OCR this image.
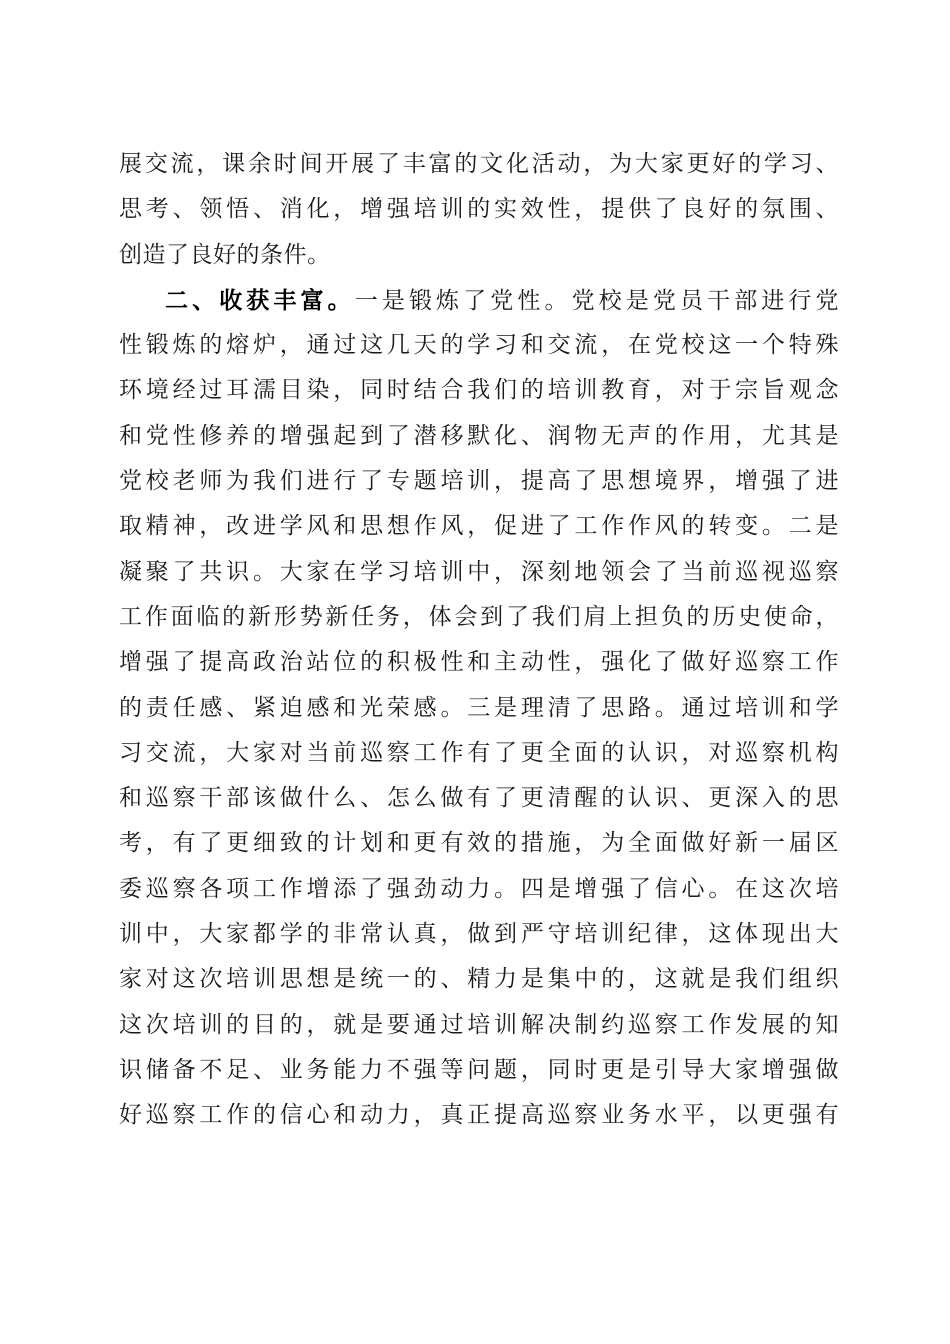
展交流，课余时间开展了丰富的文化活动，为大家更好的学习、
思考、领悟、消化，增强培训的实效性，提供了良好的氛围、
创造了良好的条件。
二、收获丰富。一是锻炼了党性。党校是党员干部进行党
性锻炼的熔炉，通过这几天的学习和交流，在党校这一个特殊
环境经过耳濡目染，同时结合我们的培训教育，对于宗旨观念
和党性修养的增强起到了潜移默化、润物无声的作用，尤其是
党校老师为我们进行了专题培训，提高了思想境界，增强了进
取精神，改进学风和思想作风，促进了工作作风的转变。二是
凝聚了共识。大家在学习培训中，深刻地领会了当前巡视巡察
工作面临的新形势新任务，体会到了我们肩上担负的历史使命，
增强了提高政治站位的积极性和主动性，强化了做好巡察工作
的责任感、紧迫感和光荣感。三是理清了思路。通过培训和学
习交流，大家对当前巡察工作有了更全面的认识，对巡察机构
和巡察干部该做什么、怎么做有了更清醒的认识、更深入的思
考，有了更细致的计划和更有效的措施，为全面做好新一届区
委巡察各项工作增添了强劲动力。四是增强了信心。在这次培
训中，大家都学的非常认真，做到严守培训纪律，这体现出大
家对这次培训思想是统一的、精力是集中的，这就是我们组织
这次培训的目的，就是要通过培训解决制约巡察工作发展的知
识储备不足、业务能力不强等问题，同时更是引导大家增强做
好巡察工作的信心和动力，真正提高巡察业务水平，以更强有
